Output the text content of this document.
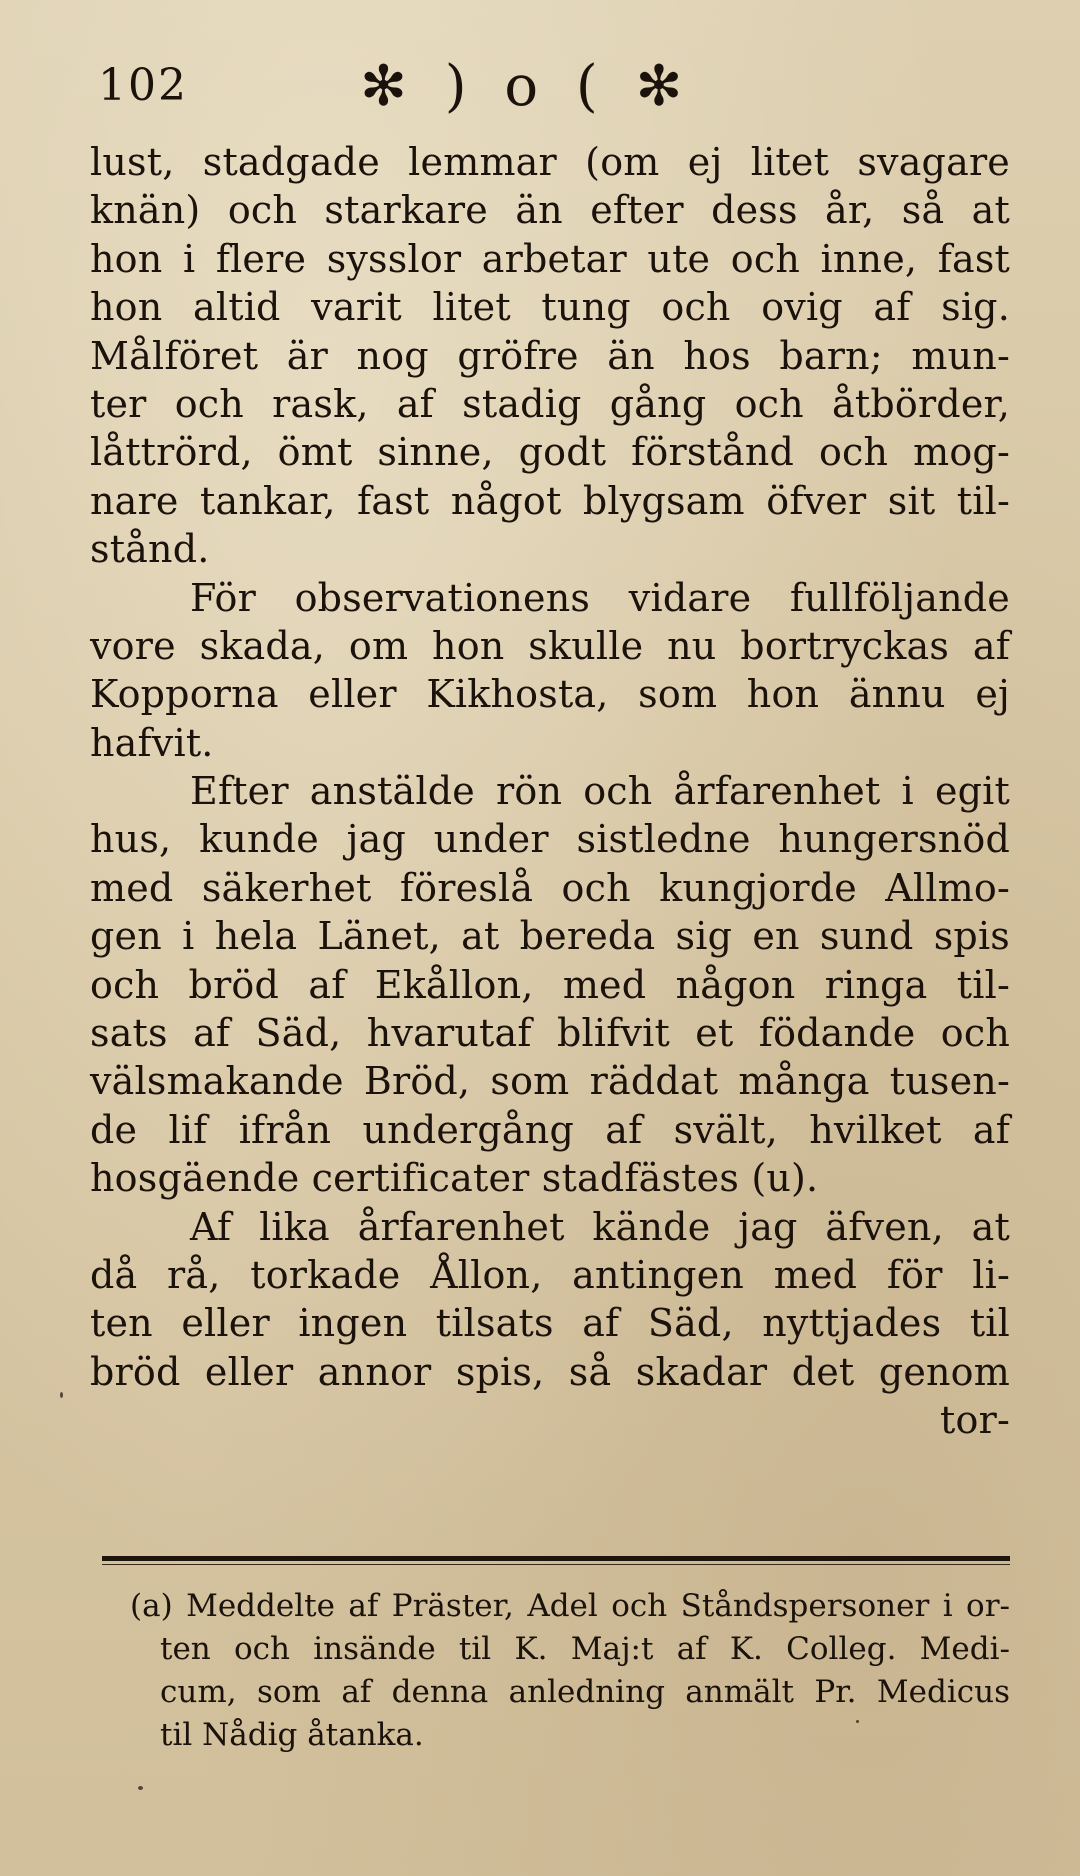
102	✻ ) o ( ✻
lust, stadgade lemmar (om ej litet svagare
knän) och starkare än efter dess år, så at
hon i flere sysslor arbetar ute och inne, fast
hon altid varit litet tung och ovig af sig.
Målföret är nog gröfre än hos barn; mun-
ter och rask, af stadig gång och åtbörder,
låttrörd, ömt sinne, godt förstånd och mog-
nare tankar, fast något blygsam öfver sit til-
stånd.
För observationens vidare fullföljande
vore skada, om hon skulle nu bortryckas af
Kopporna eller Kikhosta, som hon ännu ej
hafvit.
Efter anstälde rön och årfarenhet i egit
hus, kunde jag under sistledne hungersnöd
med säkerhet föreslå och kungjorde Allmo-
gen i hela Länet, at bereda sig en sund spis
och bröd af Ekållon, med någon ringa til-
sats af Säd, hvarutaf blifvit et födande och
välsmakande Bröd, som räddat många tusen-
de lif ifrån undergång af svält, hvilket af
hosgäende certificater stadfästes (u).
Af lika årfarenhet kände jag äfven, at
då rå, torkade Ållon, antingen med för li-
ten eller ingen tilsats af Säd, nyttjades til
bröd eller annor spis, så skadar det genom
tor-
(a) Meddelte af Präster, Adel och Ståndspersoner i or-
ten och insände til K. Maj:t af K. Colleg. Medi-
cum, som af denna anledning anmält Pr. Medicus
til Nådig åtanka.
